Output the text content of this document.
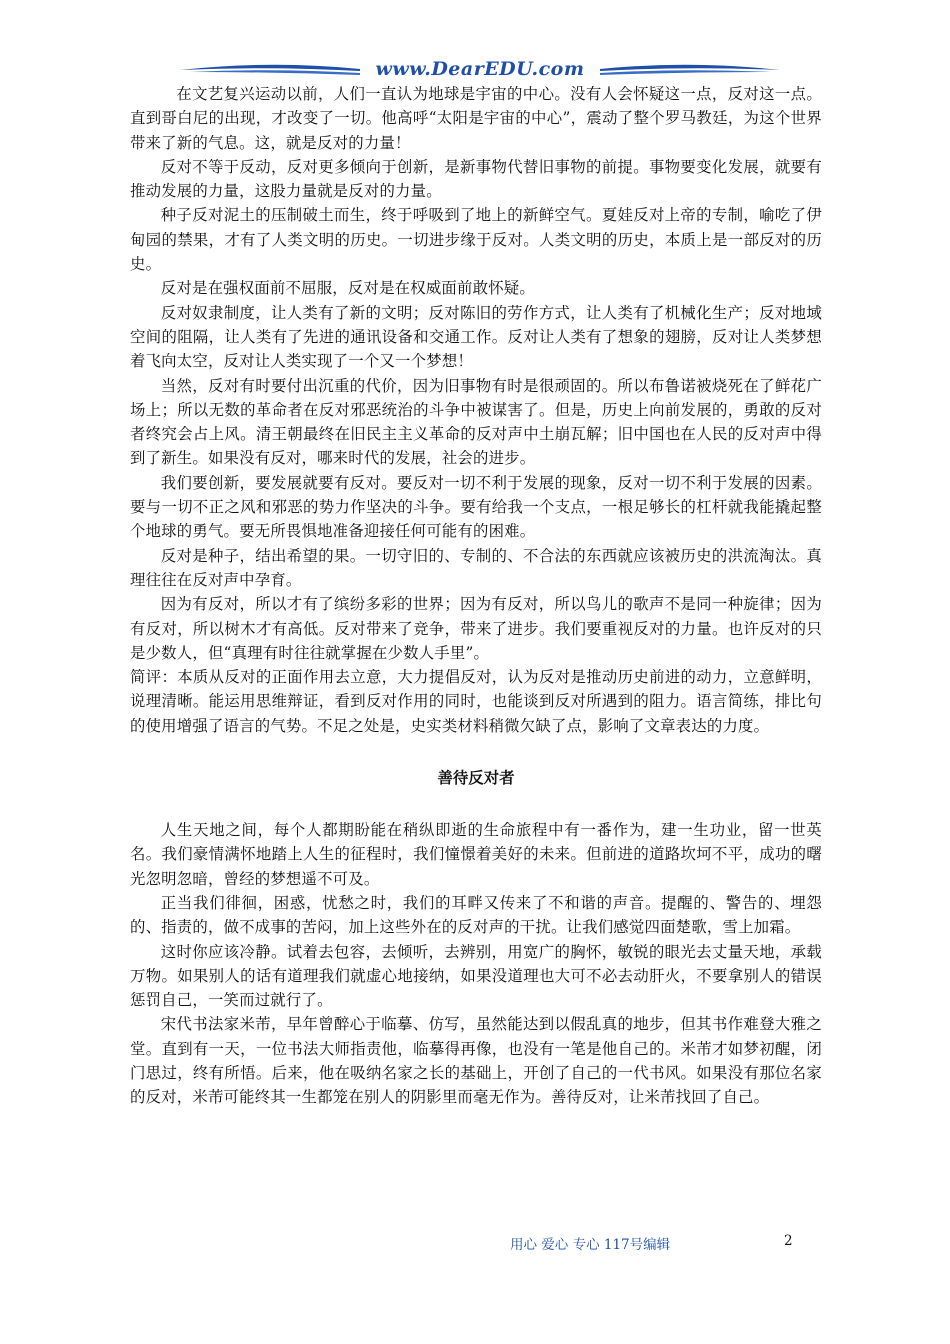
www.DearEDU.com

在文艺复兴运动以前，人们一直认为地球是宇宙的中心。没有人会怀疑这一点，反对这一点。直到哥白尼的出现，才改变了一切。他高呼“太阳是宇宙的中心”，震动了整个罗马教廷，为这个世界带来了新的气息。这，就是反对的力量！

反对不等于反动，反对更多倾向于创新，是新事物代替旧事物的前提。事物要变化发展，就要有推动发展的力量，这股力量就是反对的力量。

种子反对泥土的压制破土而生，终于呼吸到了地上的新鲜空气。夏娃反对上帝的专制，喻吃了伊甸园的禁果，才有了人类文明的历史。一切进步缘于反对。人类文明的历史，本质上是一部反对的历史。

反对是在强权面前不屈服，反对是在权威面前敢怀疑。

反对奴隶制度，让人类有了新的文明；反对陈旧的劳作方式，让人类有了机械化生产；反对地域空间的阻隔，让人类有了先进的通讯设备和交通工作。反对让人类有了想象的翅膀，反对让人类梦想着飞向太空，反对让人类实现了一个又一个梦想！

当然，反对有时要付出沉重的代价，因为旧事物有时是很顽固的。所以布鲁诺被烧死在了鲜花广场上；所以无数的革命者在反对邪恶统治的斗争中被谋害了。但是，历史上向前发展的，勇敢的反对者终究会占上风。清王朝最终在旧民主主义革命的反对声中土崩瓦解；旧中国也在人民的反对声中得到了新生。如果没有反对，哪来时代的发展，社会的进步。

我们要创新，要发展就要有反对。要反对一切不利于发展的现象，反对一切不利于发展的因素。要与一切不正之风和邪恶的势力作坚决的斗争。要有给我一个支点，一根足够长的杠杆就我能撬起整个地球的勇气。要无所畏惧地准备迎接任何可能有的困难。

反对是种子，结出希望的果。一切守旧的、专制的、不合法的东西就应该被历史的洪流淘汰。真理往往在反对声中孕育。

因为有反对，所以才有了缤纷多彩的世界；因为有反对，所以鸟儿的歌声不是同一种旋律；因为有反对，所以树木才有高低。反对带来了竞争，带来了进步。我们要重视反对的力量。也许反对的只是少数人，但“真理有时往往就掌握在少数人手里”。

简评：本质从反对的正面作用去立意，大力提倡反对，认为反对是推动历史前进的动力，立意鲜明，说理清晰。能运用思维辩证，看到反对作用的同时，也能谈到反对所遇到的阻力。语言简练，排比句的使用增强了语言的气势。不足之处是，史实类材料稍微欠缺了点，影响了文章表达的力度。

善待反对者

人生天地之间，每个人都期盼能在稍纵即逝的生命旅程中有一番作为，建一生功业，留一世英名。我们豪情满怀地踏上人生的征程时，我们憧憬着美好的未来。但前进的道路坎坷不平，成功的曙光忽明忽暗，曾经的梦想遥不可及。

正当我们徘徊，困惑，忧愁之时，我们的耳畔又传来了不和谐的声音。提醒的、警告的、埋怨的、指责的，做不成事的苦闷，加上这些外在的反对声的干扰。让我们感觉四面楚歌，雪上加霜。

这时你应该冷静。试着去包容，去倾听，去辨别，用宽广的胸怀，敏锐的眼光去丈量天地，承载万物。如果别人的话有道理我们就虚心地接纳，如果没道理也大可不必去动肝火，不要拿别人的错误惩罚自己，一笑而过就行了。

宋代书法家米芾，早年曾醉心于临摹、仿写，虽然能达到以假乱真的地步，但其书作难登大雅之堂。直到有一天，一位书法大师指责他，临摹得再像，也没有一笔是他自己的。米芾才如梦初醒，闭门思过，终有所悟。后来，他在吸纳名家之长的基础上，开创了自己的一代书风。如果没有那位名家的反对，米芾可能终其一生都笼在别人的阴影里而毫无作为。善待反对，让米芾找回了自己。

用心 爱心 专心 117号编辑	2
